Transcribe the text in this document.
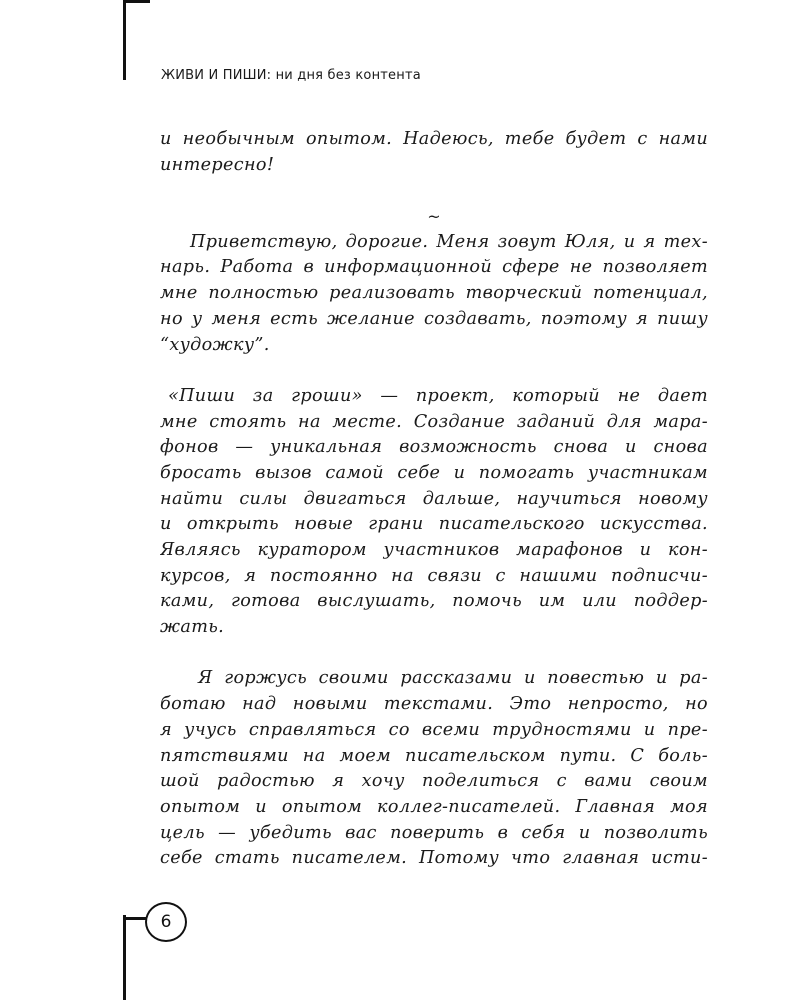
ЖИВИ И ПИШИ: ни дня без контента
и необычным опытом. Надеюсь, тебе будет с нами
интересно!
~
Приветствую, дорогие. Меня зовут Юля, и я тех-
нарь. Работа в информационной сфере не позволяет
мне полностью реализовать творческий потенциал,
но у меня есть желание создавать, поэтому я пишу
“художку”.
«Пиши за гроши» — проект, который не дает
мне стоять на месте. Создание заданий для мара-
фонов — уникальная возможность снова и снова
бросать вызов самой себе и помогать участникам
найти силы двигаться дальше, научиться новому
и открыть новые грани писательского искусства.
Являясь куратором участников марафонов и кон-
курсов, я постоянно на связи с нашими подписчи-
ками, готова выслушать, помочь им или поддер-
жать.
Я горжусь своими рассказами и повестью и ра-
ботаю над новыми текстами. Это непросто, но
я учусь справляться со всеми трудностями и пре-
пятствиями на моем писательском пути. С боль-
шой радостью я хочу поделиться с вами своим
опытом и опытом коллег-писателей. Главная моя
цель — убедить вас поверить в себя и позволить
себе стать писателем. Потому что главная исти-
6
